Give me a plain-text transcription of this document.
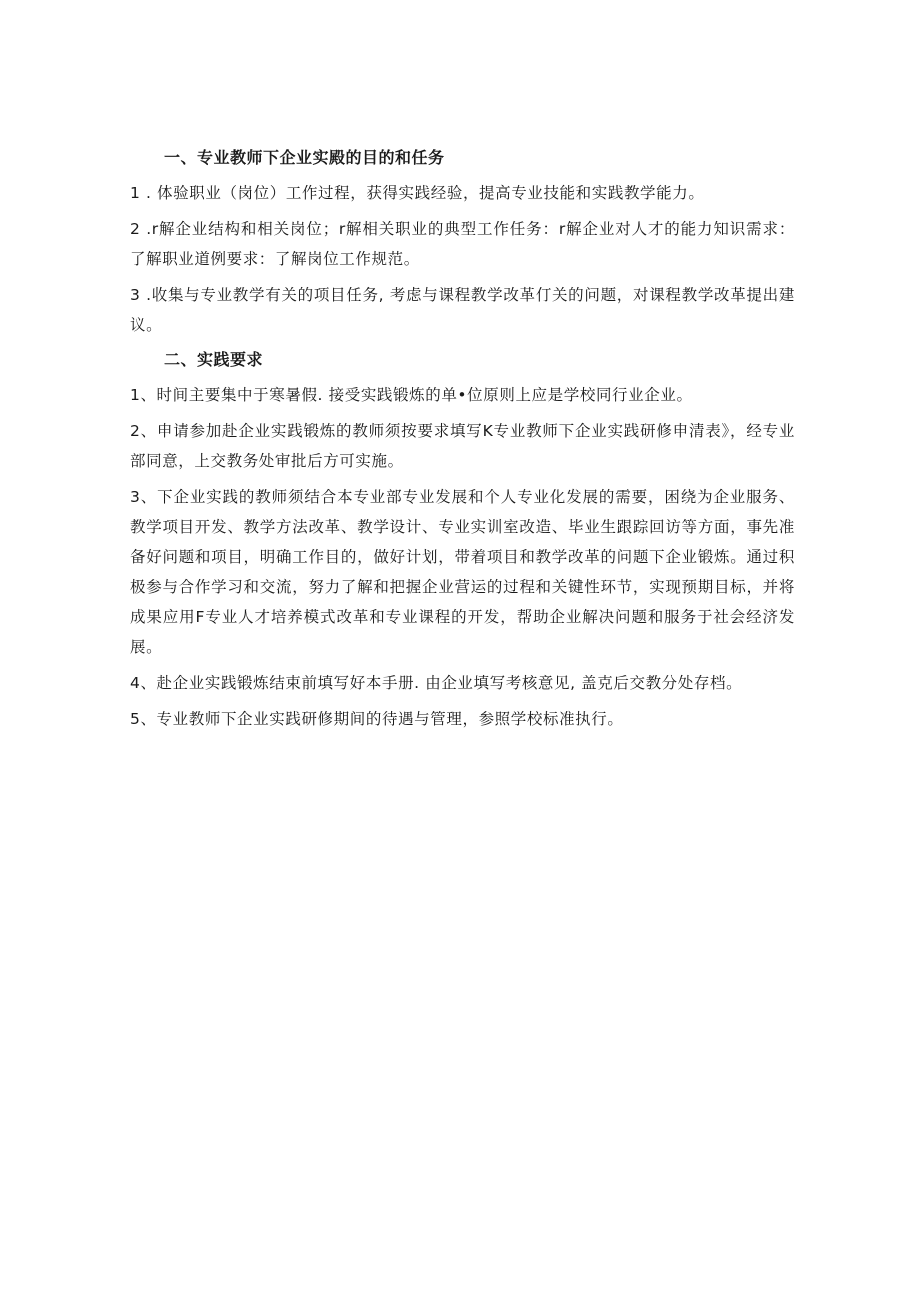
一、专业教师下企业实殿的目的和任务

1 . 体验职业（岗位）工作过程，获得实践经验，提高专业技能和实践教学能力。

2 .r解企业结构和相关岗位；r解相关职业的典型工作任务：r解企业对人才的能力知识需求：了解职业道例要求：了解岗位工作规范。

3 .收集与专业教学有关的项目任务, 考虑与课程教学改革仃关的问题，对课程教学改革提出建议。

二、实践要求

1、时间主要集中于寒暑假. 接受实践锻炼的单•位原则上应是学校同行业企业。

2、申请参加赴企业实践锻炼的教师须按要求填写K专业教师下企业实践研修申清表》，经专业部同意，上交教务处审批后方可实施。

3、下企业实践的教师须结合本专业部专业发展和个人专业化发展的需要，困绕为企业服务、教学项目开发、教学方法改革、教学设计、专业实训室改造、毕业生跟踪回访等方面，事先准备好问题和项目，明确工作目的，做好计划，带着项目和教学改革的问题下企业锻炼。通过积极参与合作学习和交流，努力了解和把握企业营运的过程和关键性环节，实现预期目标，并将成果应用F专业人才培养模式改革和专业课程的开发，帮助企业解决问题和服务于社会经济发展。

4、赴企业实践锻炼结束前填写好本手册. 由企业填写考核意见, 盖克后交教分处存档。

5、专业教师下企业实践研修期间的待遇与管理，参照学校标准执行。
